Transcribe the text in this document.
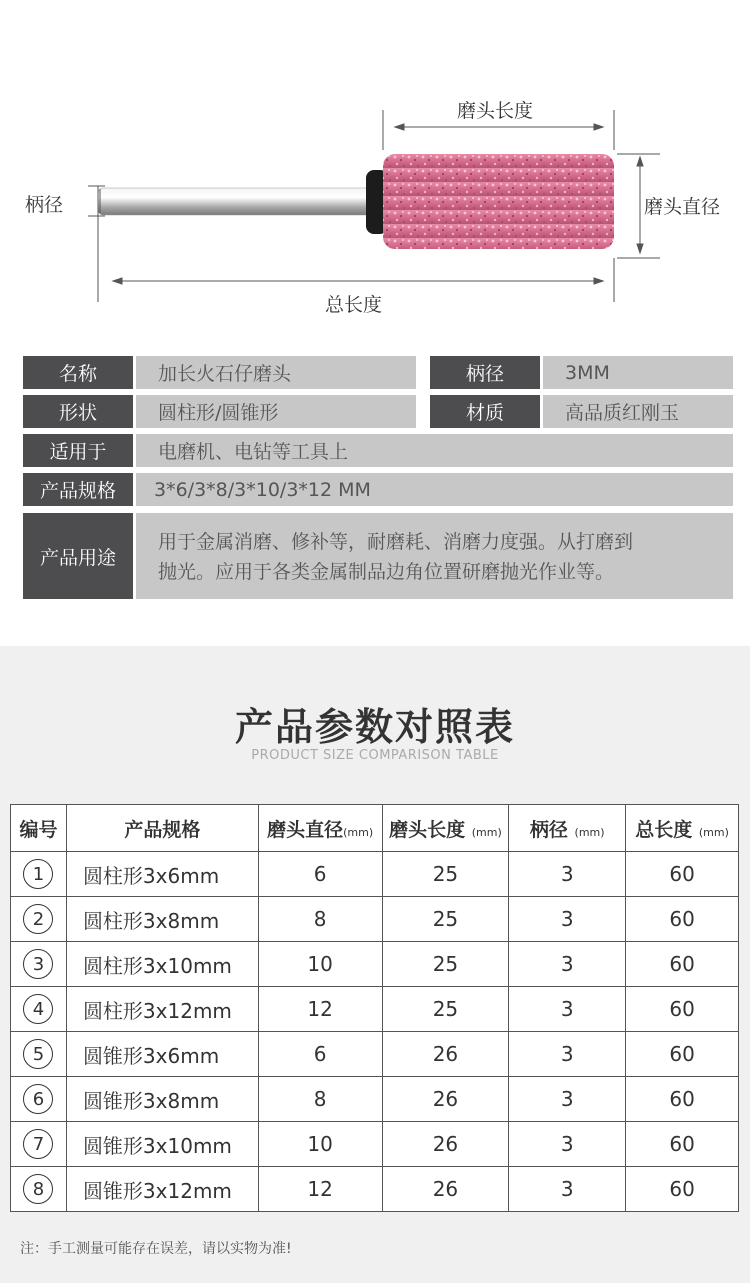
磨头长度
磨头直径
柄径
总长度
名称	加长火石仔磨头	柄径	3MM
形状	圆柱形/圆锥形	材质	高品质红刚玉
适用于	电磨机、电钻等工具上
产品规格	3*6/3*8/3*10/3*12 MM
产品用途
用于金属消磨、修补等，耐磨耗、消磨力度强。从打磨到
抛光。应用于各类金属制品边角位置研磨抛光作业等。
产品参数对照表
PRODUCT SIZE COMPARISON TABLE
编号	产品规格	磨头直径(mm)	磨头长度 (mm)	柄径 (mm)	总长度 (mm)
1	圆柱形3x6mm	6	25	3	60
2	圆柱形3x8mm	8	25	3	60
3	圆柱形3x10mm	10	25	3	60
4	圆柱形3x12mm	12	25	3	60
5	圆锥形3x6mm	6	26	3	60
6	圆锥形3x8mm	8	26	3	60
7	圆锥形3x10mm	10	26	3	60
8	圆锥形3x12mm	12	26	3	60
注：手工测量可能存在误差，请以实物为准!
